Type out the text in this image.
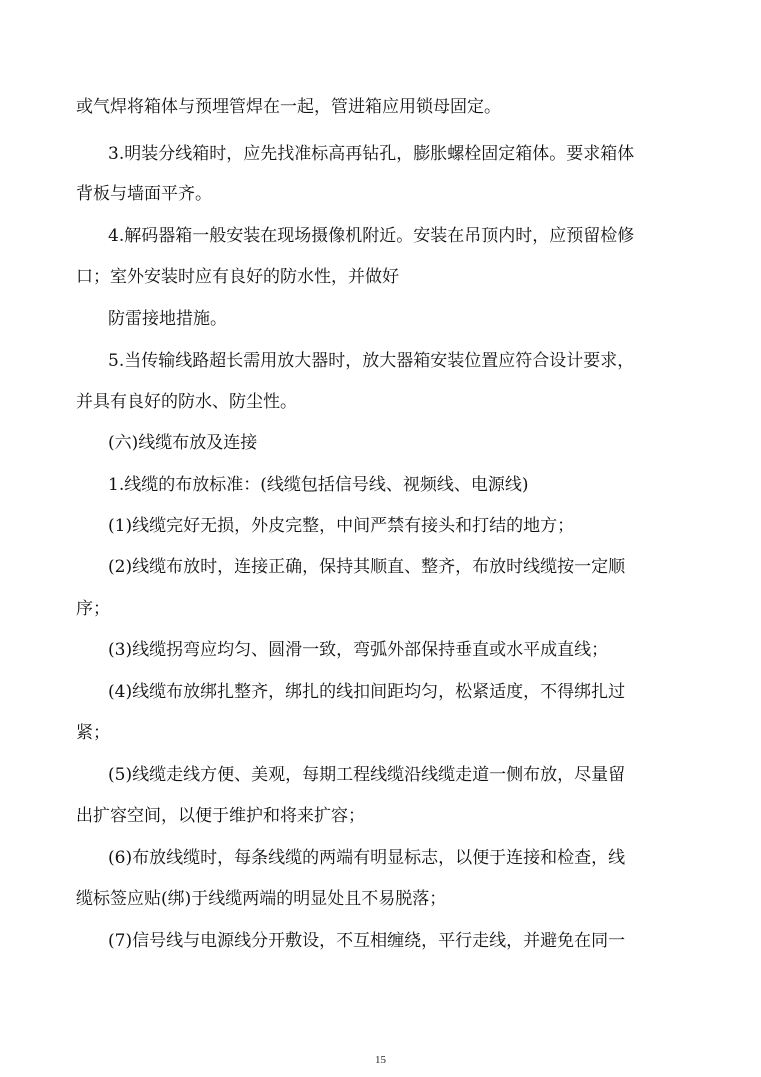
或气焊将箱体与预埋管焊在一起，管进箱应用锁母固定。
3.明装分线箱时，应先找准标高再钻孔，膨胀螺栓固定箱体。要求箱体
背板与墙面平齐。
4.解码器箱一般安装在现场摄像机附近。安装在吊顶内时，应预留检修
口；室外安装时应有良好的防水性，并做好
防雷接地措施。
5.当传输线路超长需用放大器时，放大器箱安装位置应符合设计要求，
并具有良好的防水、防尘性。
(六)线缆布放及连接
1.线缆的布放标准：(线缆包括信号线、视频线、电源线)
(1)线缆完好无损，外皮完整，中间严禁有接头和打结的地方；
(2)线缆布放时，连接正确，保持其顺直、整齐，布放时线缆按一定顺
序；
(3)线缆拐弯应均匀、圆滑一致，弯弧外部保持垂直或水平成直线；
(4)线缆布放绑扎整齐，绑扎的线扣间距均匀，松紧适度，不得绑扎过
紧；
(5)线缆走线方便、美观，每期工程线缆沿线缆走道一侧布放，尽量留
出扩容空间，以便于维护和将来扩容；
(6)布放线缆时，每条线缆的两端有明显标志，以便于连接和检查，线
缆标签应贴(绑)于线缆两端的明显处且不易脱落；
(7)信号线与电源线分开敷设，不互相缠绕，平行走线，并避免在同一
15
